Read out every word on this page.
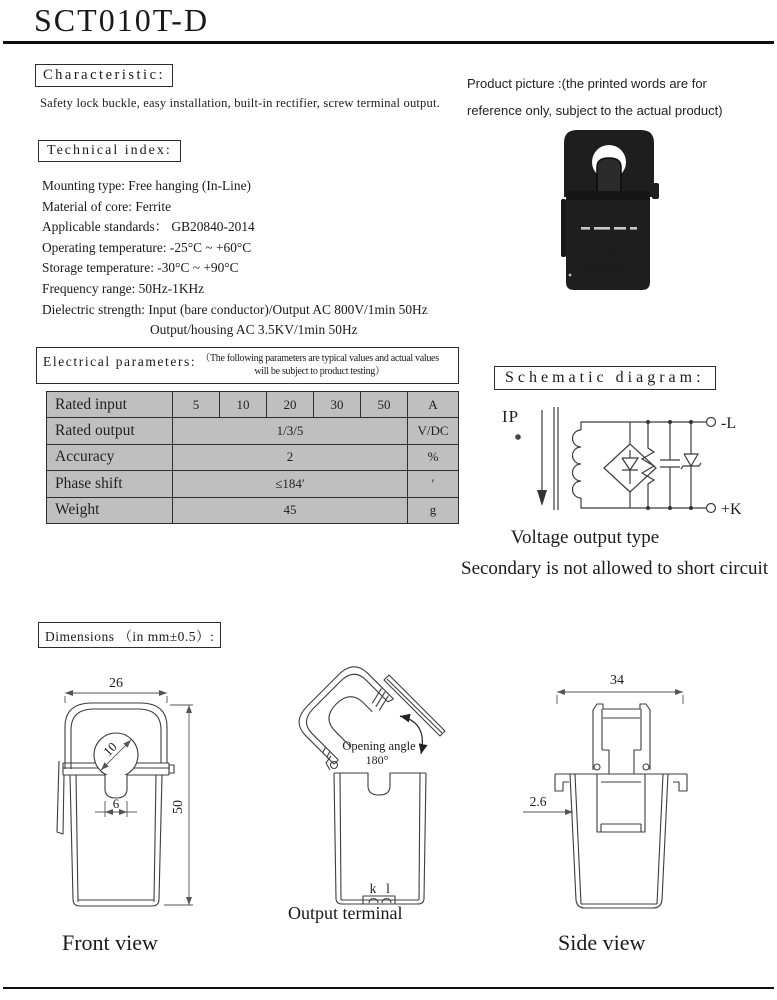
SCT010T-D
Characteristic:
Safety lock buckle, easy installation, built-in rectifier, screw terminal output.
Product picture :(the printed words are for
reference only, subject to the actual product)
CE
SCT010T-D
Technical index:
Mounting type: Free hanging (In-Line)
Material of core: Ferrite
Applicable standards： GB20840-2014
Operating temperature: -25°C ~ +60°C
Storage temperature: -30°C ~ +90°C
Frequency range: 50Hz-1KHz
Dielectric strength: Input (bare conductor)/Output AC 800V/1min 50Hz
Output/housing AC 3.5KV/1min 50Hz
Electrical parameters: （The following parameters are typical values and actual values
will be subject to product testing）
Rated input	5	10	20	30	50	A
Rated output	1/3/5					V/DC
Accuracy	2					%
Phase shift	≤184′					′
Weight	45					g
Schematic diagram:
IP	-L
+K
Voltage output type
Secondary is not allowed to short circuit
Dimensions （in mm±0.5）:
26
10
6	50
Opening angle
180°
k l
34
2.6
Output terminal
Front view	Side view
